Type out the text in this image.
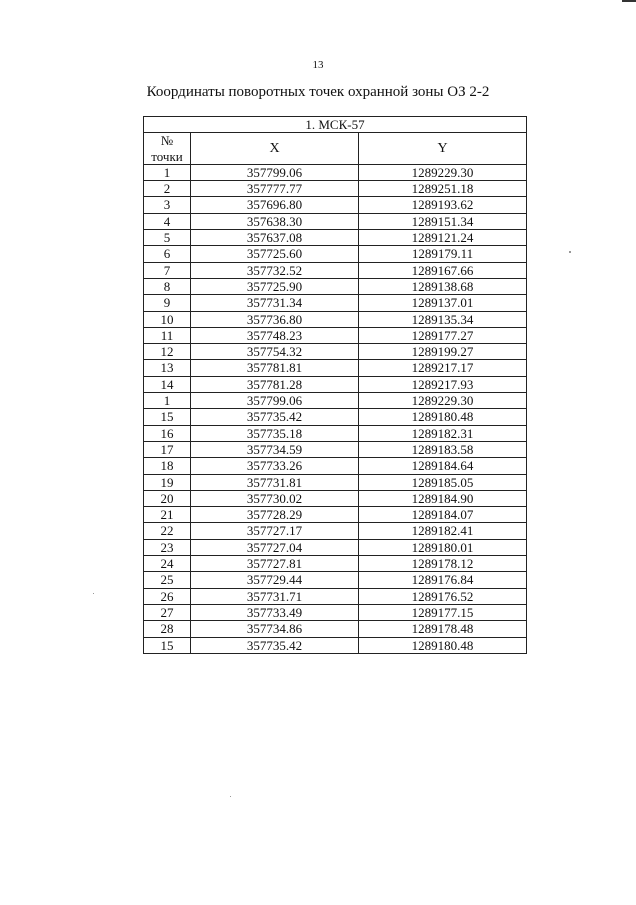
13
Координаты поворотных точек охранной зоны ОЗ 2-2
1. МСК-57		
№
точки	X	Y
1	357799.06	1289229.30
2	357777.77	1289251.18
3	357696.80	1289193.62
4	357638.30	1289151.34
5	357637.08	1289121.24
6	357725.60	1289179.11
7	357732.52	1289167.66
8	357725.90	1289138.68
9	357731.34	1289137.01
10	357736.80	1289135.34
11	357748.23	1289177.27
12	357754.32	1289199.27
13	357781.81	1289217.17
14	357781.28	1289217.93
1	357799.06	1289229.30
15	357735.42	1289180.48
16	357735.18	1289182.31
17	357734.59	1289183.58
18	357733.26	1289184.64
19	357731.81	1289185.05
20	357730.02	1289184.90
21	357728.29	1289184.07
22	357727.17	1289182.41
23	357727.04	1289180.01
24	357727.81	1289178.12
25	357729.44	1289176.84
26	357731.71	1289176.52
27	357733.49	1289177.15
28	357734.86	1289178.48
15	357735.42	1289180.48
